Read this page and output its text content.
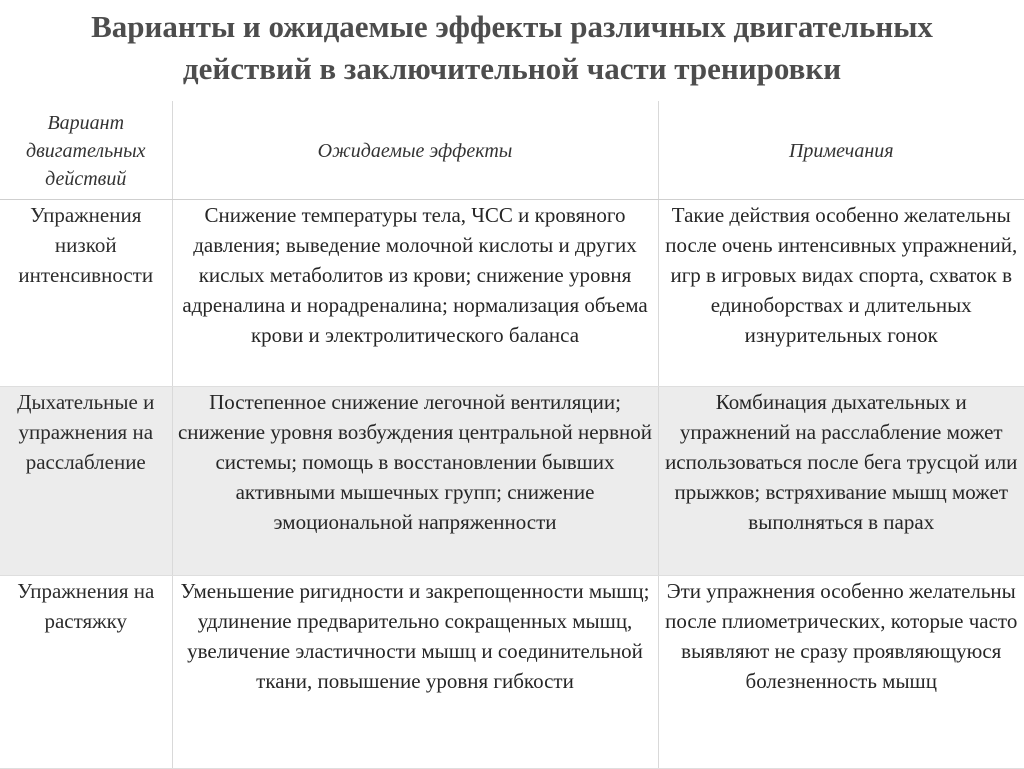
Варианты и ожидаемые эффекты различных двигательных
действий в заключительной части тренировки
Вариант двигательных действий	Ожидаемые эффекты	Примечания
Упражнения низкой интенсивности	Снижение температуры тела, ЧСС и кровяного давления; выведение молочной кислоты и других кислых метаболитов из крови; снижение уровня адреналина и норадреналина; нормализация объема крови и электролитического баланса	Такие действия особенно желательны после очень интенсивных упражнений, игр в игровых видах спорта, схваток в единоборствах и длительных изнурительных гонок
Дыхательные и упражнения на расслабление	Постепенное снижение легочной вентиляции; снижение уровня возбуждения центральной нервной системы; помощь в восстановлении бывших активными мышечных групп; снижение эмоциональной напряженности	Комбинация дыхательных и упражнений на расслабление может использоваться после бега трусцой или прыжков; встряхивание мышц может выполняться в парах
Упражнения на растяжку	Уменьшение ригидности и закрепощенности мышц; удлинение предварительно сокращенных мышц, увеличение эластичности мышц и соединительной ткани, повышение уровня гибкости	Эти упражнения особенно желательны после плиометрических, которые часто выявляют не сразу проявляющуюся болезненность мышц
